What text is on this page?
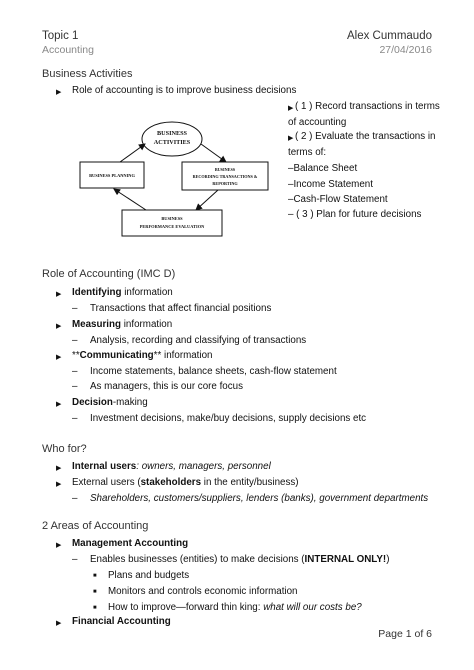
Topic 1	Alex Cummaudo
Accounting	27/04/2016
Business Activities
▶ Role of accounting is to improve business decisions
BUSINESS
ACTIVITIES
BUSINESS PLANNING
BUSINESS
RECORDING TRANSACTIONS &
REPORTING
BUSINESS
PERFORMANCE EVALUATION
▶ ( 1 ) Record transactions in terms
of accounting
▶ ( 2 ) Evaluate the transactions in
terms of:
–Balance Sheet
–Income Statement
–Cash-Flow Statement
– ( 3 ) Plan for future decisions
Role of Accounting (IMC D)
▶ Identifying information
– Transactions that affect financial positions
▶ Measuring information
– Analysis, recording and classifying of transactions
▶ **Communicating** information
– Income statements, balance sheets, cash-flow statement
– As managers, this is our core focus
▶ Decision-making
– Investment decisions, make/buy decisions, supply decisions etc
Who for?
▶ Internal users: owners, managers, personnel
▶ External users (stakeholders in the entity/business)
– Shareholders, customers/suppliers, lenders (banks), government departments
2 Areas of Accounting
▶ Management Accounting
– Enables businesses (entities) to make decisions (INTERNAL ONLY!)
■ Plans and budgets
■ Monitors and controls economic information
■ How to improve—forward thin king: what will our costs be?
▶ Financial Accounting
Page 1 of 6
